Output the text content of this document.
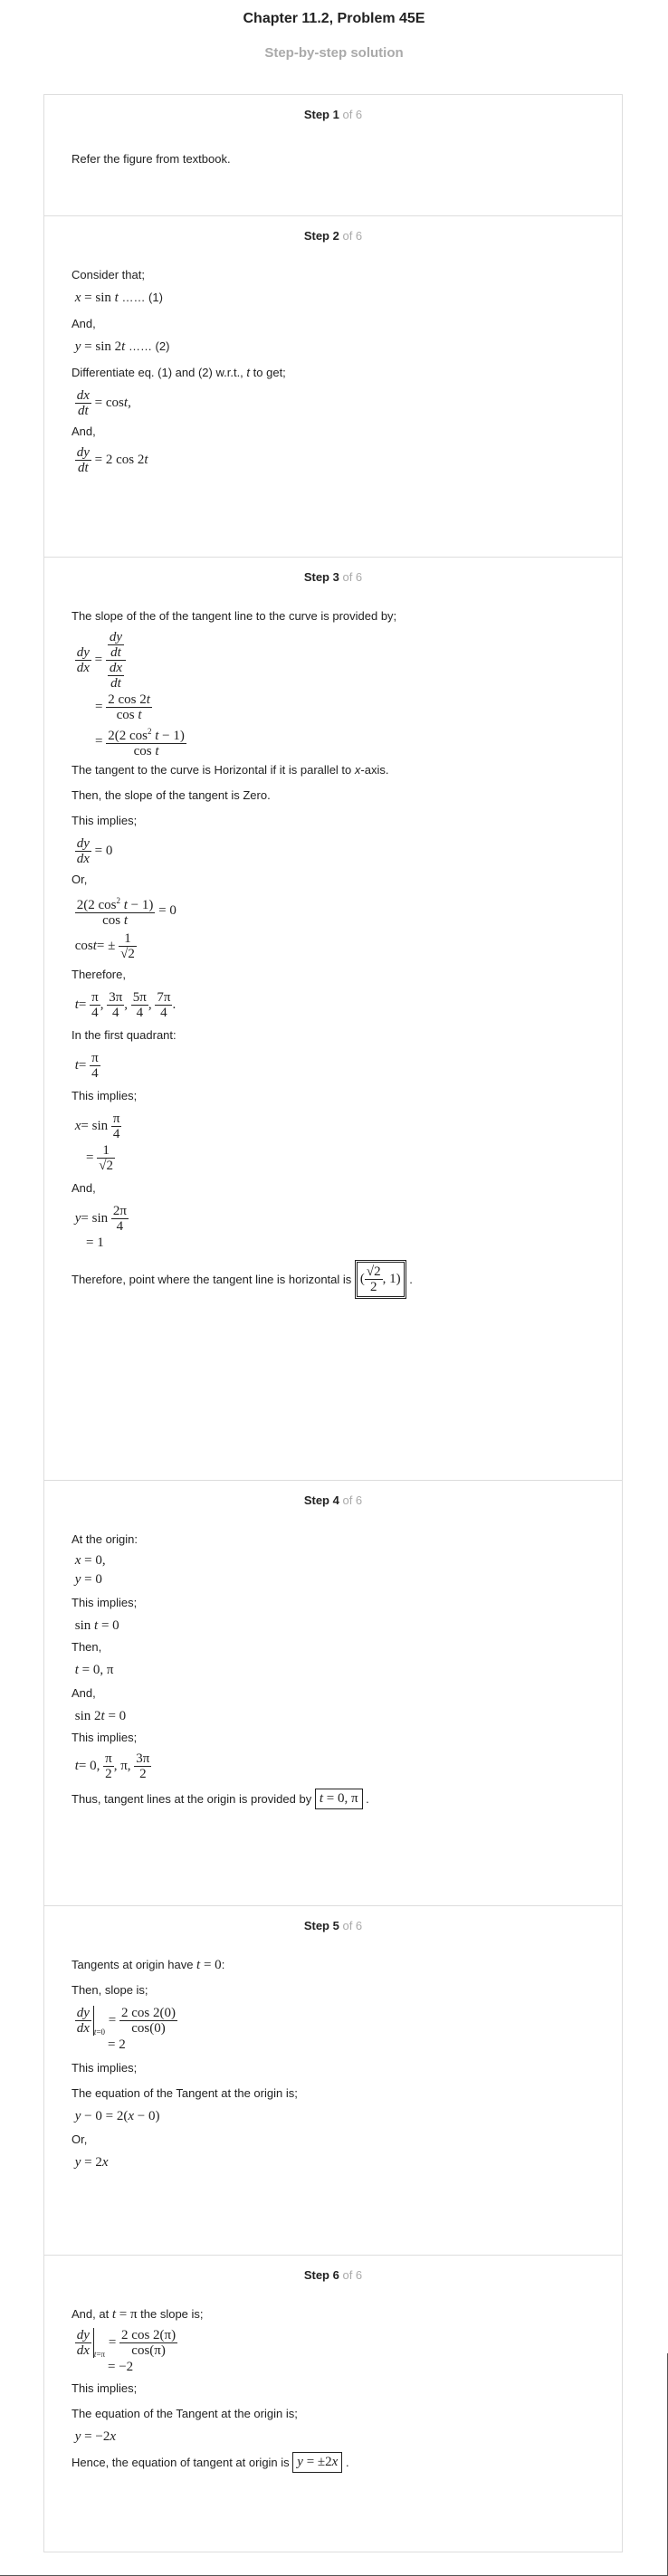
Chapter 11.2, Problem 45E
Step-by-step solution
Step 1 of 6

Refer the figure from textbook.

Step 2 of 6

Consider that;

x = sin t …… (1)

And,

y = sin 2t …… (2)

Differentiate eq. (1) and (2) w.r.t., t to get;

$\frac{dx}{dt} = \cos t$ ,

And,

$\frac{dy}{dt} = 2$ cos 2 t
Step 3 of 6

The slope of the of the tangent line to the curve is provided by;

$\frac{dy}{dx} = \frac{\frac{dy}{dt}}{\frac{dx}{dt}}$
= $\frac{2 \cos 2t}{\text{cos t}}$
= $\frac{2(2 \cos^2 t - 1)}{\text{cos t}}$

The tangent to the curve is Horizontal if it is parallel to x-axis.

Then, the slope of the tangent is Zero.

This implies;

$\frac{dy}{dx} = 0$

Or,

$\frac{2(2 \cos^2 t - 1)}{\text{cos t}} = 0$
cos t = ± $\frac{1}{√2}$

Therefore,

$t = \frac{\pi}{4}$ , $\frac{3\pi}{4}$ , $\frac{5\pi}{4}$ , $\frac{7\pi}{4}$ .

In the first quadrant:

$t = \frac{\pi}{4}$

This implies;

$x = \sin \frac{\pi}{4}$
= $\frac{1}{√2}$

And,

$y = \sin \frac{2\pi}{4}$
= 1
Therefore, point where the tangent line is horizontal is
( $\frac{√2}{2}$ , 1) .
Step 4 of 6

At the origin:

x = 0,
y = 0

This implies;

sin t = 0

Then,

t = 0, π

And,

sin 2t = 0

This implies;

t = 0, $\frac{\pi}{2}$ , π, $\frac{3\pi}{2}$
Thus, tangent lines at the origin is provided by
t = 0, π .
Step 5 of 6

Tangents at origin have t = 0:

Then, slope is;

$\frac{dy}{dx} t=0$
= $\frac{2 \cos 2(0)}{\cos(0)}$
= 2

This implies;

The equation of the Tangent at the origin is;

y − 0 = 2(x − 0)

Or,

y = 2x
Step 6 of 6

And, at t = π the slope is;

$\frac{dy}{dx} t=\pi$
= $\frac{2 \cos 2(\pi)}{\cos(\pi)}$
= −2

This implies;

The equation of the Tangent at the origin is;

y = −2x
Hence, the equation of tangent at origin is
y = ±2x .
